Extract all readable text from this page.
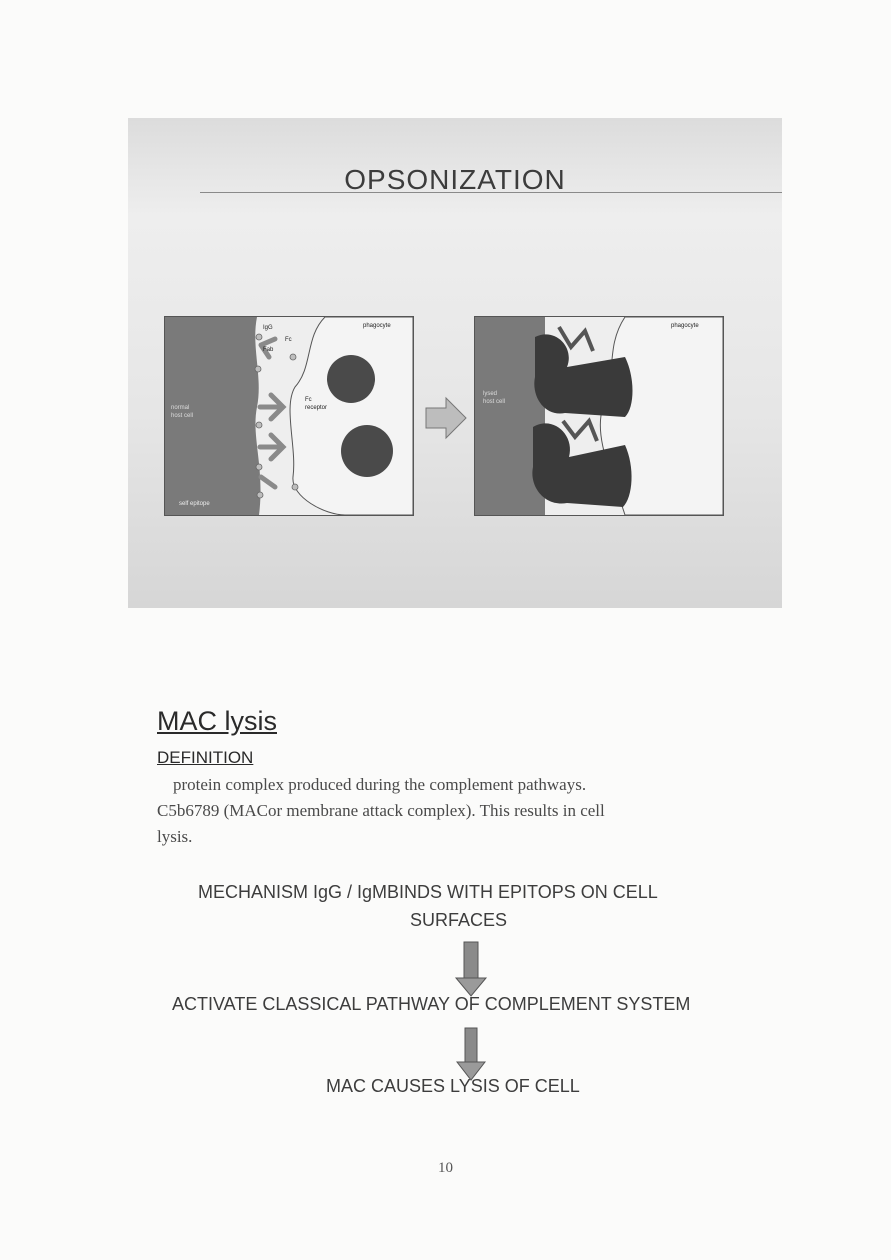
OPSONIZATION
IgG
Fc
Fab
phagocyte
Fc
receptor
normal
host cell
self epitope
phagocyte
lysed
host cell
MAC lysis
DEFINITION
protein complex produced during the complement pathways.
C5b6789 (MACor membrane attack complex). This results in cell
lysis.
MECHANISM IgG / IgMBINDS WITH EPITOPS ON CELL
SURFACES
ACTIVATE CLASSICAL PATHWAY OF COMPLEMENT SYSTEM
MAC CAUSES LYSIS OF CELL
10
